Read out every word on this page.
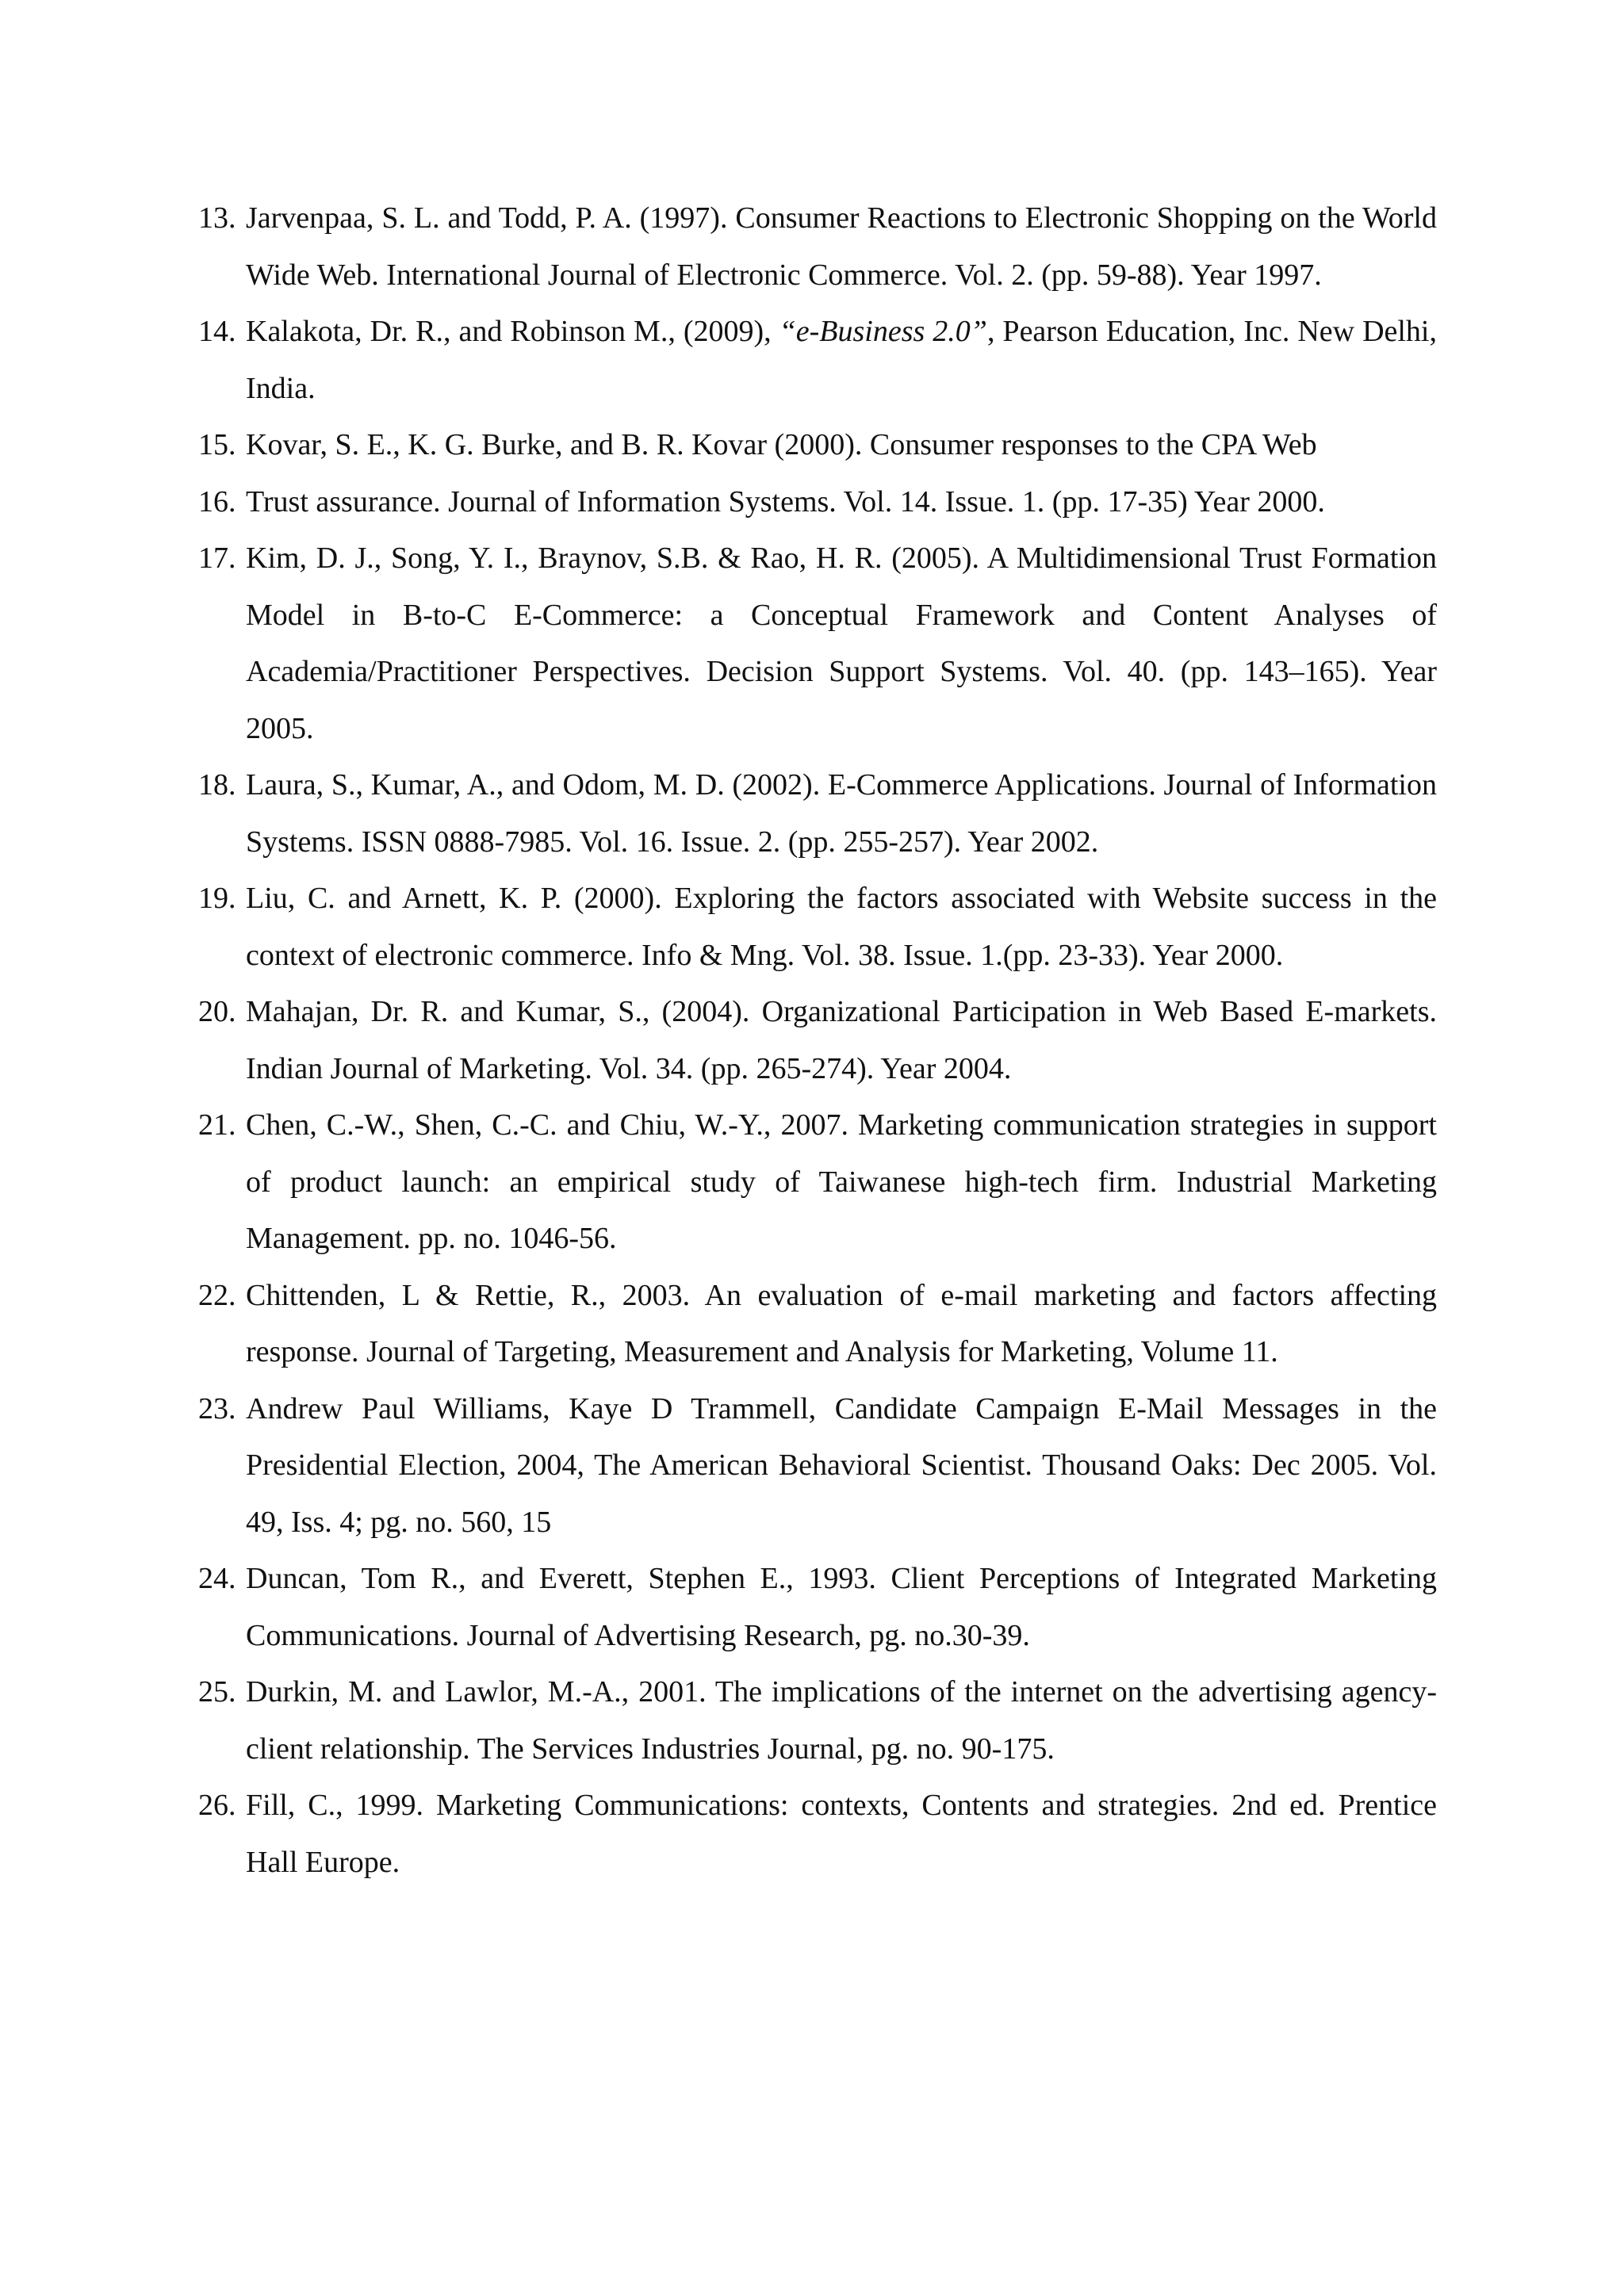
13. Jarvenpaa, S. L. and Todd, P. A. (1997). Consumer Reactions to Electronic Shopping on the World Wide Web. International Journal of Electronic Commerce. Vol. 2. (pp. 59-88). Year 1997.
14. Kalakota, Dr. R., and Robinson M., (2009), “e-Business 2.0”, Pearson Education, Inc. New Delhi, India.
15. Kovar, S. E., K. G. Burke, and B. R. Kovar (2000). Consumer responses to the CPA Web
16. Trust assurance. Journal of Information Systems. Vol. 14. Issue. 1. (pp. 17-35) Year 2000.
17. Kim, D. J., Song, Y. I., Braynov, S.B. & Rao, H. R. (2005). A Multidimensional Trust Formation Model in B-to-C E-Commerce: a Conceptual Framework and Content Analyses of Academia/Practitioner Perspectives. Decision Support Systems. Vol. 40. (pp. 143–165). Year 2005.
18. Laura, S., Kumar, A., and Odom, M. D. (2002). E-Commerce Applications. Journal of Information Systems. ISSN 0888-7985. Vol. 16. Issue. 2. (pp. 255-257). Year 2002.
19. Liu, C. and Arnett, K. P. (2000). Exploring the factors associated with Website success in the context of electronic commerce. Info & Mng. Vol. 38. Issue. 1.(pp. 23-33). Year 2000.
20. Mahajan, Dr. R. and Kumar, S., (2004). Organizational Participation in Web Based E-markets. Indian Journal of Marketing. Vol. 34. (pp. 265-274). Year 2004.
21. Chen, C.-W., Shen, C.-C. and Chiu, W.-Y., 2007. Marketing communication strategies in support of product launch: an empirical study of Taiwanese high-tech firm. Industrial Marketing Management. pp. no. 1046-56.
22. Chittenden, L & Rettie, R., 2003. An evaluation of e-mail marketing and factors affecting response. Journal of Targeting, Measurement and Analysis for Marketing, Volume 11.
23. Andrew Paul Williams, Kaye D Trammell, Candidate Campaign E-Mail Messages in the Presidential Election, 2004, The American Behavioral Scientist. Thousand Oaks: Dec 2005. Vol. 49, Iss. 4; pg. no. 560, 15
24. Duncan, Tom R., and Everett, Stephen E., 1993. Client Perceptions of Integrated Marketing Communications. Journal of Advertising Research, pg. no.30-39.
25. Durkin, M. and Lawlor, M.-A., 2001. The implications of the internet on the advertising agency-client relationship. The Services Industries Journal, pg. no. 90-175.
26. Fill, C., 1999. Marketing Communications: contexts, Contents and strategies. 2nd ed. Prentice Hall Europe.
